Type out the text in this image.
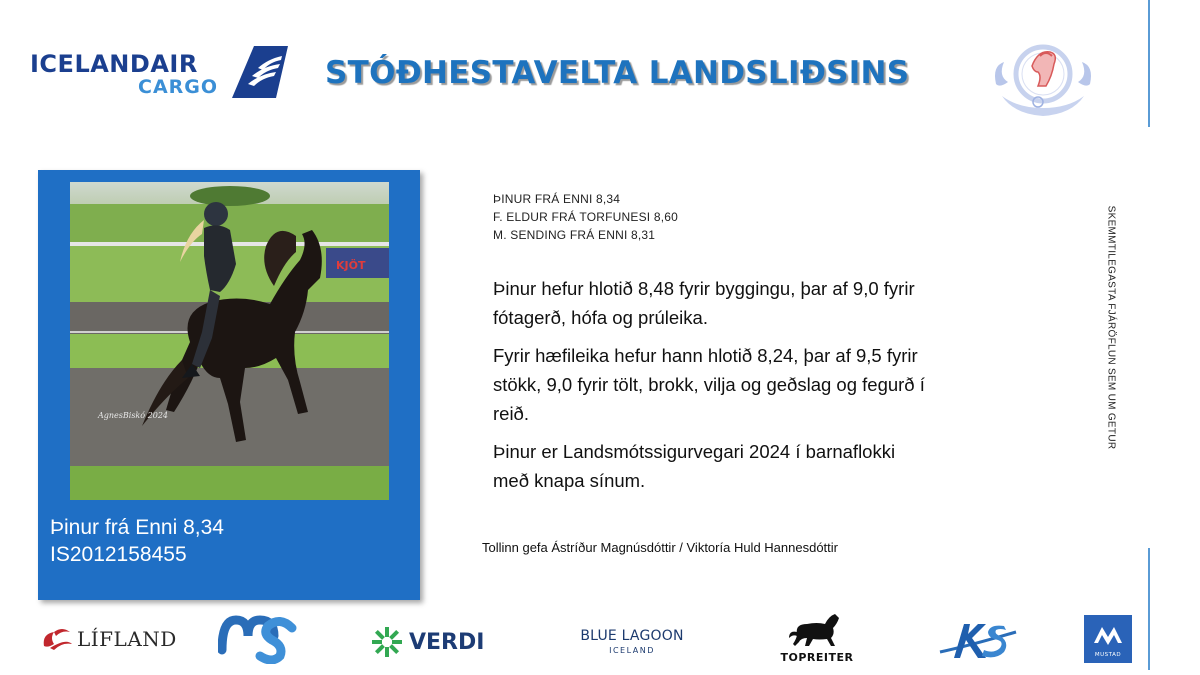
ICELANDAIR
CARGO	STÓÐHESTAVELTA LANDSLIÐSINS
SKEMMTILEGASTA FJÁRÖFLUN SEM UM GETUR
KJÖT
AgnesBiskó 2024
Þinur frá Enni 8,34
IS2012158455
ÞINUR FRÁ ENNI 8,34
F. ELDUR FRÁ TORFUNESI 8,60
M. SENDING FRÁ ENNI 8,31

Þinur hefur hlotið 8,48 fyrir byggingu, þar af 9,0 fyrir fótagerð, hófa og prúleika.

Fyrir hæfileika hefur hann hlotið 8,24, þar af 9,5 fyrir stökk, 9,0 fyrir tölt, brokk, vilja og geðslag og fegurð í reið.

Þinur er Landsmótssigurvegari 2024 í barnaflokki með knapa sínum.

Tollinn gefa Ástríður Magnúsdóttir / Viktoría Huld Hannesdóttir
LÍFLAND	VERDI	BLUE LAGOON
ICELAND
TOPREITER	MUSTAD
